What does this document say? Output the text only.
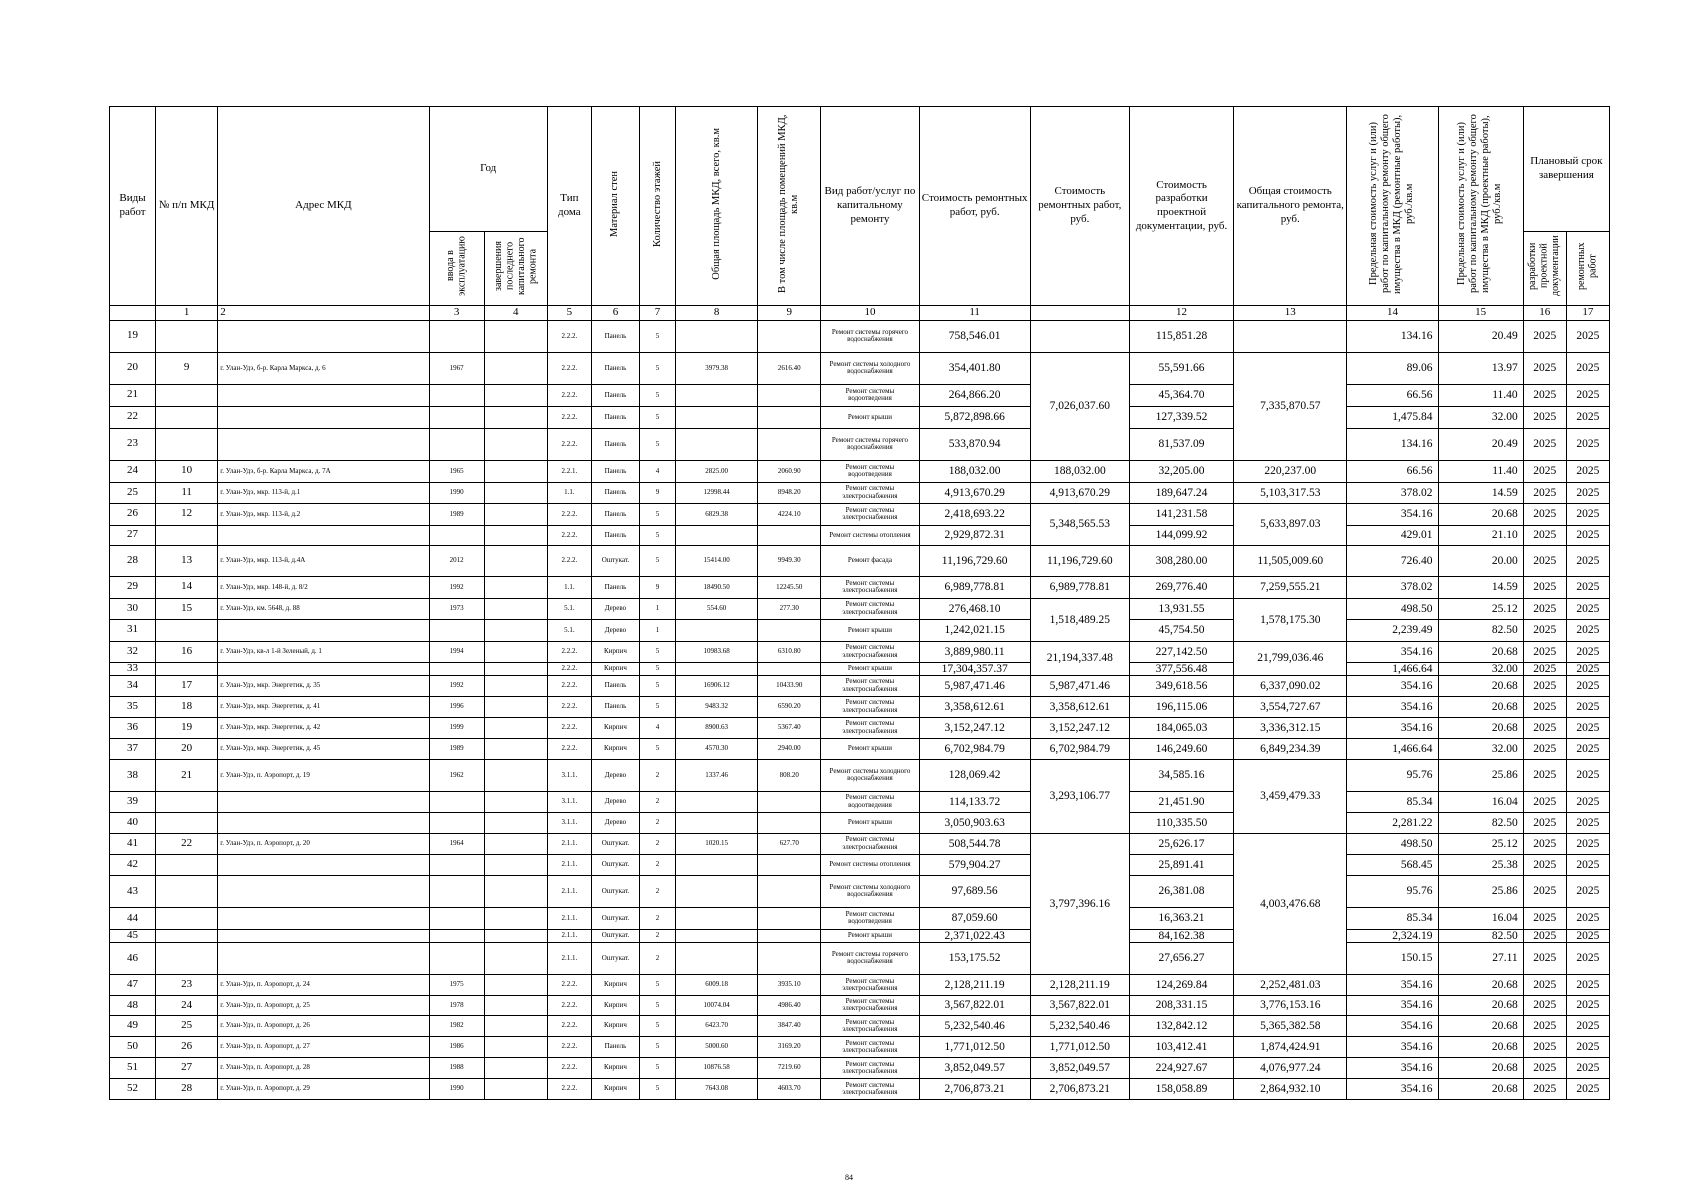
Виды работ	№ п/п МКД	Адрес МКД	Год		Тип дома	Материал стен	Количество этажей	Общая площадь МКД, всего, кв.м	В том числе площадь помещений МКД, кв.м	Вид работ/услуг по капитальному ремонту	Стоимость ремонтных работ, руб.	Стоимость ремонтных работ, руб.	Стоимость разработки проектной документации, руб.	Общая стоимость капитального ремонта, руб.	Предельная стоимость услуг и (или) работ по капитальному ремонту общего имущества в МКД (ремонтные работы), руб./кв.м	Предельная стоимость услуг и (или) работ по капитальному ремонту общего имущества в МКД (проектные работы), руб./кв.м	Плановый срок завершения	
			ввода в эксплуатацию	завершения последнего капитального ремонта													разработки проектной документации	ремонтных работ
	1	2	3	4	5	6	7	8	9	10	11		12	13	14	15	16	17
19					2.2.2.	Панель	5			Ремонт системы горячего водоснабжения	758,546.01		115,851.28		134.16	20.49	2025	2025
20	9	г. Улан-Удэ, б-р. Карла Маркса, д. 6	1967		2.2.2.	Панель	5	3979.38	2616.40	Ремонт системы холодного водоснабжения	354,401.80	7,026,037.60	55,591.66	7,335,870.57	89.06	13.97	2025	2025
21					2.2.2.	Панель	5			Ремонт системы водоотведения	264,866.20		45,364.70		66.56	11.40	2025	2025
22					2.2.2.	Панель	5			Ремонт крыши	5,872,898.66		127,339.52		1,475.84	32.00	2025	2025
23					2.2.2.	Панель	5			Ремонт системы горячего водоснабжения	533,870.94		81,537.09		134.16	20.49	2025	2025
24	10	г. Улан-Удэ, б-р. Карла Маркса, д. 7А	1965		2.2.1.	Панель	4	2825.00	2060.90	Ремонт системы водоотведения	188,032.00	188,032.00	32,205.00	220,237.00	66.56	11.40	2025	2025
25	11	г. Улан-Удэ, мкр. 113-й, д.1	1990		1.1.	Панель	9	12998.44	8948.20	Ремонт системы электроснабжения	4,913,670.29	4,913,670.29	189,647.24	5,103,317.53	378.02	14.59	2025	2025
26	12	г. Улан-Удэ, мкр. 113-й, д.2	1989		2.2.2.	Панель	5	6829.38	4224.10	Ремонт системы электроснабжения	2,418,693.22	5,348,565.53	141,231.58	5,633,897.03	354.16	20.68	2025	2025
27					2.2.2.	Панель	5			Ремонт системы отопления	2,929,872.31		144,099.92		429.01	21.10	2025	2025
28	13	г. Улан-Удэ, мкр. 113-й, д.4А	2012		2.2.2.	Оштукат.	5	15414.00	9949.30	Ремонт фасада	11,196,729.60	11,196,729.60	308,280.00	11,505,009.60	726.40	20.00	2025	2025
29	14	г. Улан-Удэ, мкр. 148-й, д. 8/2	1992		1.1.	Панель	9	18490.50	12245.50	Ремонт системы электроснабжения	6,989,778.81	6,989,778.81	269,776.40	7,259,555.21	378.02	14.59	2025	2025
30	15	г. Улан-Удэ, км. 5648, д. 88	1973		5.1.	Дерево	1	554.60	277.30	Ремонт системы электроснабжения	276,468.10	1,518,489.25	13,931.55	1,578,175.30	498.50	25.12	2025	2025
31					5.1.	Дерево	1			Ремонт крыши	1,242,021.15		45,754.50		2,239.49	82.50	2025	2025
32	16	г. Улан-Удэ, кв-л 1-й Зеленый, д. 1	1994		2.2.2.	Кирпич	5	10983.68	6310.80	Ремонт системы электроснабжения	3,889,980.11	21,194,337.48	227,142.50	21,799,036.46	354.16	20.68	2025	2025
33					2.2.2.	Кирпич	5			Ремонт крыши	17,304,357.37		377,556.48		1,466.64	32.00	2025	2025
34	17	г. Улан-Удэ, мкр. Энергетик, д. 35	1992		2.2.2.	Панель	5	16906.12	10433.90	Ремонт системы электроснабжения	5,987,471.46	5,987,471.46	349,618.56	6,337,090.02	354.16	20.68	2025	2025
35	18	г. Улан-Удэ, мкр. Энергетик, д. 41	1996		2.2.2.	Панель	5	9483.32	6590.20	Ремонт системы электроснабжения	3,358,612.61	3,358,612.61	196,115.06	3,554,727.67	354.16	20.68	2025	2025
36	19	г. Улан-Удэ, мкр. Энергетик, д. 42	1999		2.2.2.	Кирпич	4	8900.63	5367.40	Ремонт системы электроснабжения	3,152,247.12	3,152,247.12	184,065.03	3,336,312.15	354.16	20.68	2025	2025
37	20	г. Улан-Удэ, мкр. Энергетик, д. 45	1989		2.2.2.	Кирпич	5	4570.30	2940.00	Ремонт крыши	6,702,984.79	6,702,984.79	146,249.60	6,849,234.39	1,466.64	32.00	2025	2025
38	21	г. Улан-Удэ, п. Аэропорт, д. 19	1962		3.1.1.	Дерево	2	1337.46	808.20	Ремонт системы холодного водоснабжения	128,069.42	3,293,106.77	34,585.16	3,459,479.33	95.76	25.86	2025	2025
39					3.1.1.	Дерево	2			Ремонт системы водоотведения	114,133.72		21,451.90		85.34	16.04	2025	2025
40					3.1.1.	Дерево	2			Ремонт крыши	3,050,903.63		110,335.50		2,281.22	82.50	2025	2025
41	22	г. Улан-Удэ, п. Аэропорт, д. 20	1964		2.1.1.	Оштукат.	2	1020.15	627.70	Ремонт системы электроснабжения	508,544.78	3,797,396.16	25,626.17	4,003,476.68	498.50	25.12	2025	2025
42					2.1.1.	Оштукат.	2			Ремонт системы отопления	579,904.27		25,891.41		568.45	25.38	2025	2025
43					2.1.1.	Оштукат.	2			Ремонт системы холодного водоснабжения	97,689.56		26,381.08		95.76	25.86	2025	2025
44					2.1.1.	Оштукат.	2			Ремонт системы водоотведения	87,059.60		16,363.21		85.34	16.04	2025	2025
45					2.1.1.	Оштукат.	2			Ремонт крыши	2,371,022.43		84,162.38		2,324.19	82.50	2025	2025
46					2.1.1.	Оштукат.	2			Ремонт системы горячего водоснабжения	153,175.52		27,656.27		150.15	27.11	2025	2025
47	23	г. Улан-Удэ, п. Аэропорт, д. 24	1975		2.2.2.	Кирпич	5	6009.18	3935.10	Ремонт системы электроснабжения	2,128,211.19	2,128,211.19	124,269.84	2,252,481.03	354.16	20.68	2025	2025
48	24	г. Улан-Удэ, п. Аэропорт, д. 25	1978		2.2.2.	Кирпич	5	10074.04	4986.40	Ремонт системы электроснабжения	3,567,822.01	3,567,822.01	208,331.15	3,776,153.16	354.16	20.68	2025	2025
49	25	г. Улан-Удэ, п. Аэропорт, д. 26	1982		2.2.2.	Кирпич	5	6423.70	3847.40	Ремонт системы электроснабжения	5,232,540.46	5,232,540.46	132,842.12	5,365,382.58	354.16	20.68	2025	2025
50	26	г. Улан-Удэ, п. Аэропорт, д. 27	1986		2.2.2.	Панель	5	5000.60	3169.20	Ремонт системы электроснабжения	1,771,012.50	1,771,012.50	103,412.41	1,874,424.91	354.16	20.68	2025	2025
51	27	г. Улан-Удэ, п. Аэропорт, д. 28	1988		2.2.2.	Кирпич	5	10876.58	7219.60	Ремонт системы электроснабжения	3,852,049.57	3,852,049.57	224,927.67	4,076,977.24	354.16	20.68	2025	2025
52	28	г. Улан-Удэ, п. Аэропорт, д. 29	1990		2.2.2.	Кирпич	5	7643.08	4603.70	Ремонт системы электроснабжения	2,706,873.21	2,706,873.21	158,058.89	2,864,932.10	354.16	20.68	2025	2025
84
